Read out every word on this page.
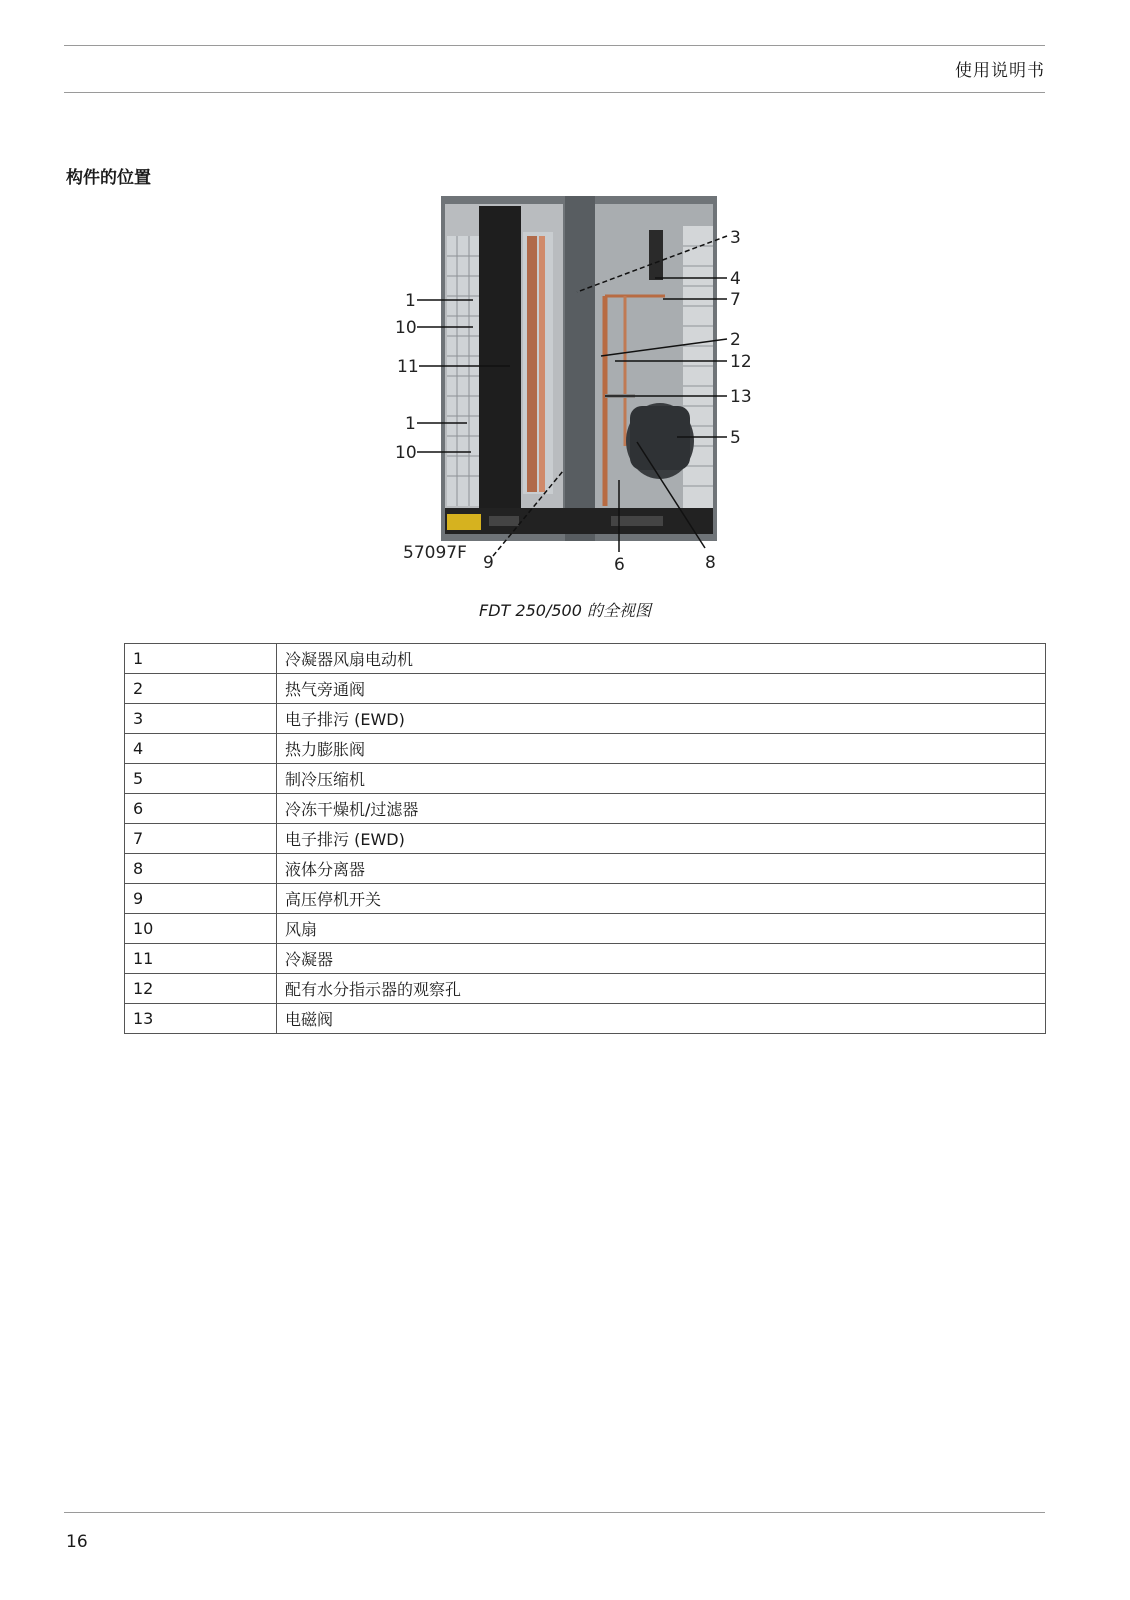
使用说明书
构件的位置
1
10
11
1
10
3
4
7
2
12
13
5
9	6	8
57097F
FDT 250/500 的全视图
1	冷凝器风扇电动机
2	热气旁通阀
3	电子排污 (EWD)
4	热力膨胀阀
5	制冷压缩机
6	冷冻干燥机/过滤器
7	电子排污 (EWD)
8	液体分离器
9	高压停机开关
10	风扇
11	冷凝器
12	配有水分指示器的观察孔
13	电磁阀
16
